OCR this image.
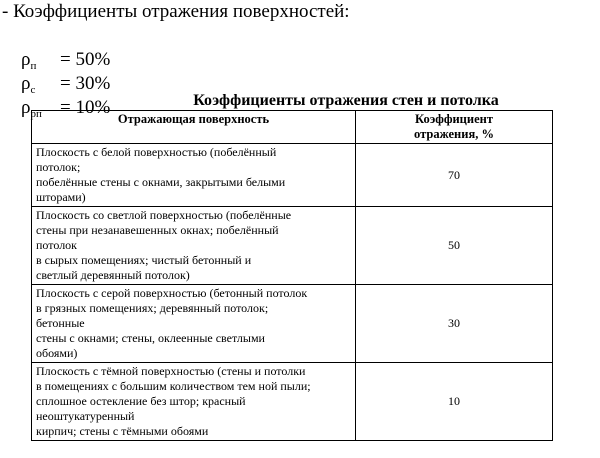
- Коэффициенты отражения поверхностей:

$\rho_п = 50\%$

$\rho_с = 30\%$

$\rho_{рп} = 10\%$

	Коэффициенты отражения стен и потолка
Отражающая поверхность	Коэффициент отражения, %

Плоскость с белой поверхностью (побелённый
потолок;
побелённые стены с окнами, закрытыми белыми
шторами)	70

Плоскость со светлой поверхностью (побелённые
стены при незанавешенных окнах; побелённый
потолок
в сырых помещениях; чистый бетонный и
светлый деревянный потолок)	50

Плоскость с серой поверхностью (бетонный потолок
в грязных помещениях; деревянный потолок;
бетонные
стены с окнами; стены, оклеенные светлыми
обоями)	30

Плоскость с тёмной поверхностью (стены и потолки
в помещениях с большим количеством тем ной пыли;
сплошное остекление без штор; красный
неоштукатуренный
кирпич; стены с тёмными обоями	10
